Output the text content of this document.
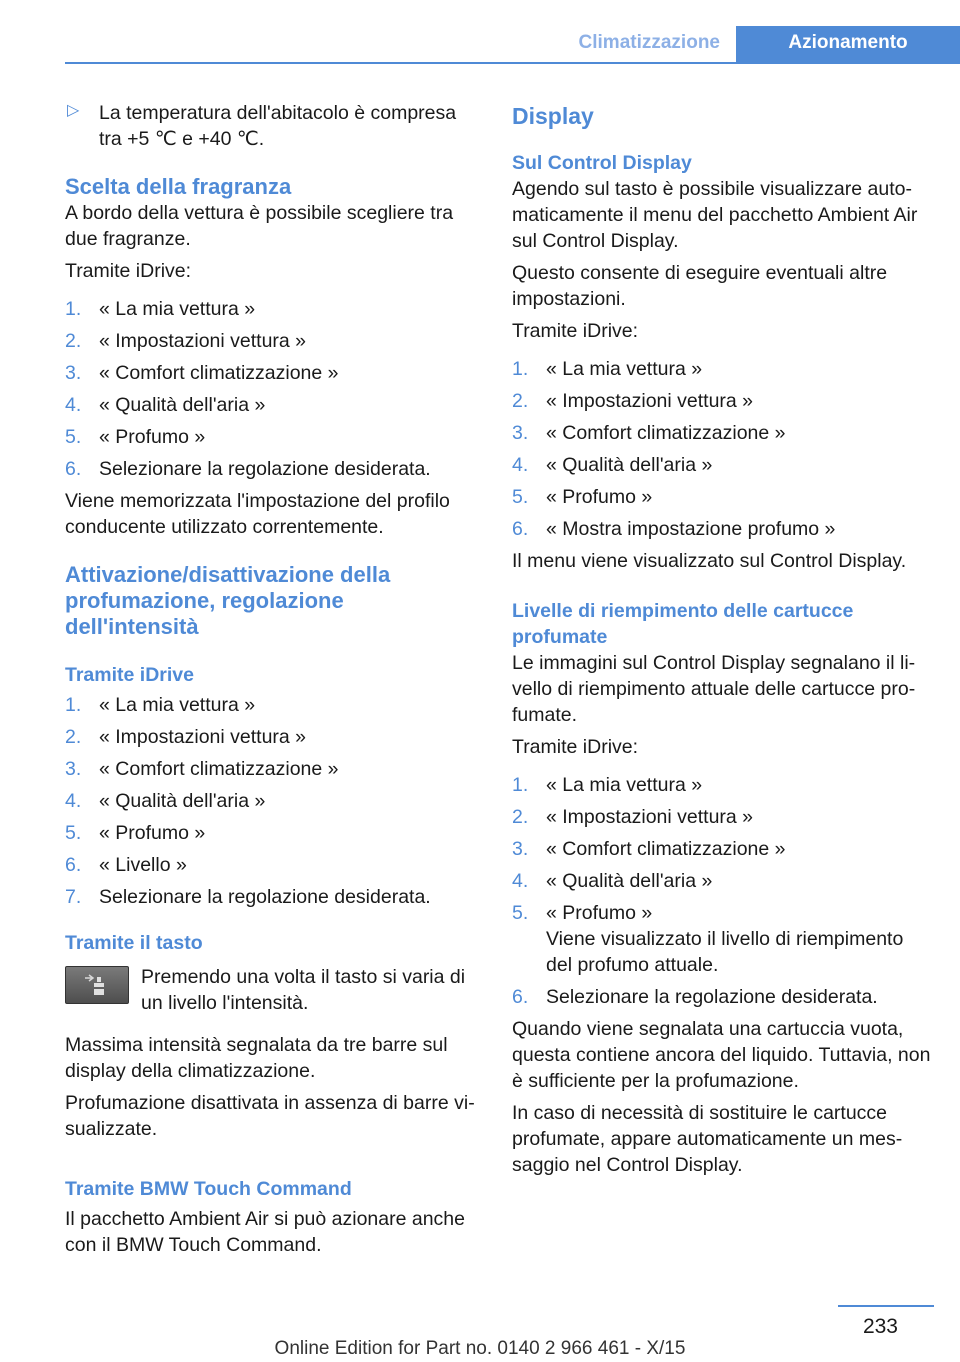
Climatizzazione	Azionamento
▷ La temperatura dell'abitacolo è compresa tra +5 ℃ e +40 ℃.

Scelta della fragranza

A bordo della vettura è possibile scegliere tra due fragranze.

Tramite iDrive:

1. « La mia vettura »
2. « Impostazioni vettura »
3. « Comfort climatizzazione »
4. « Qualità dell'aria »
5. « Profumo »
6. Selezionare la regolazione desiderata.

Viene memorizzata l'impostazione del profilo conducente utilizzato correntemente.

Attivazione/disattivazione della profumazione, regolazione dell'intensità
Tramite iDrive
1. « La mia vettura »
2. « Impostazioni vettura »
3. « Comfort climatizzazione »
4. « Qualità dell'aria »
5. « Profumo »
6. « Livello »
7. Selezionare la regolazione desiderata.
Tramite il tasto

Premendo una volta il tasto si varia di un livello l'intensità.

Massima intensità segnalata da tre barre sul display della climatizzazione.

Profumazione disattivata in assenza di barre vi-sualizzate.

Tramite BMW Touch Command

Il pacchetto Ambient Air si può azionare anche con il BMW Touch Command.

Display
Sul Control Display

Agendo sul tasto è possibile visualizzare auto-maticamente il menu del pacchetto Ambient Air sul Control Display.

Questo consente di eseguire eventuali altre impostazioni.

Tramite iDrive:

1. « La mia vettura »
2. « Impostazioni vettura »
3. « Comfort climatizzazione »
4. « Qualità dell'aria »
5. « Profumo »
6. « Mostra impostazione profumo »

Il menu viene visualizzato sul Control Display.

Livelle di riempimento delle cartucce profumate

Le immagini sul Control Display segnalano il li-vello di riempimento attuale delle cartucce pro-fumate.

Tramite iDrive:

1. « La mia vettura »
2. « Impostazioni vettura »
3. « Comfort climatizzazione »
4. « Qualità dell'aria »
5. « Profumo »
Viene visualizzato il livello di riempimento del profumo attuale.
6. Selezionare la regolazione desiderata.

Quando viene segnalata una cartuccia vuota, questa contiene ancora del liquido. Tuttavia, non è sufficiente per la profumazione.

In caso di necessità di sostituire le cartucce profumate, appare automaticamente un mes-saggio nel Control Display.

233
Online Edition for Part no. 0140 2 966 461 - X/15
